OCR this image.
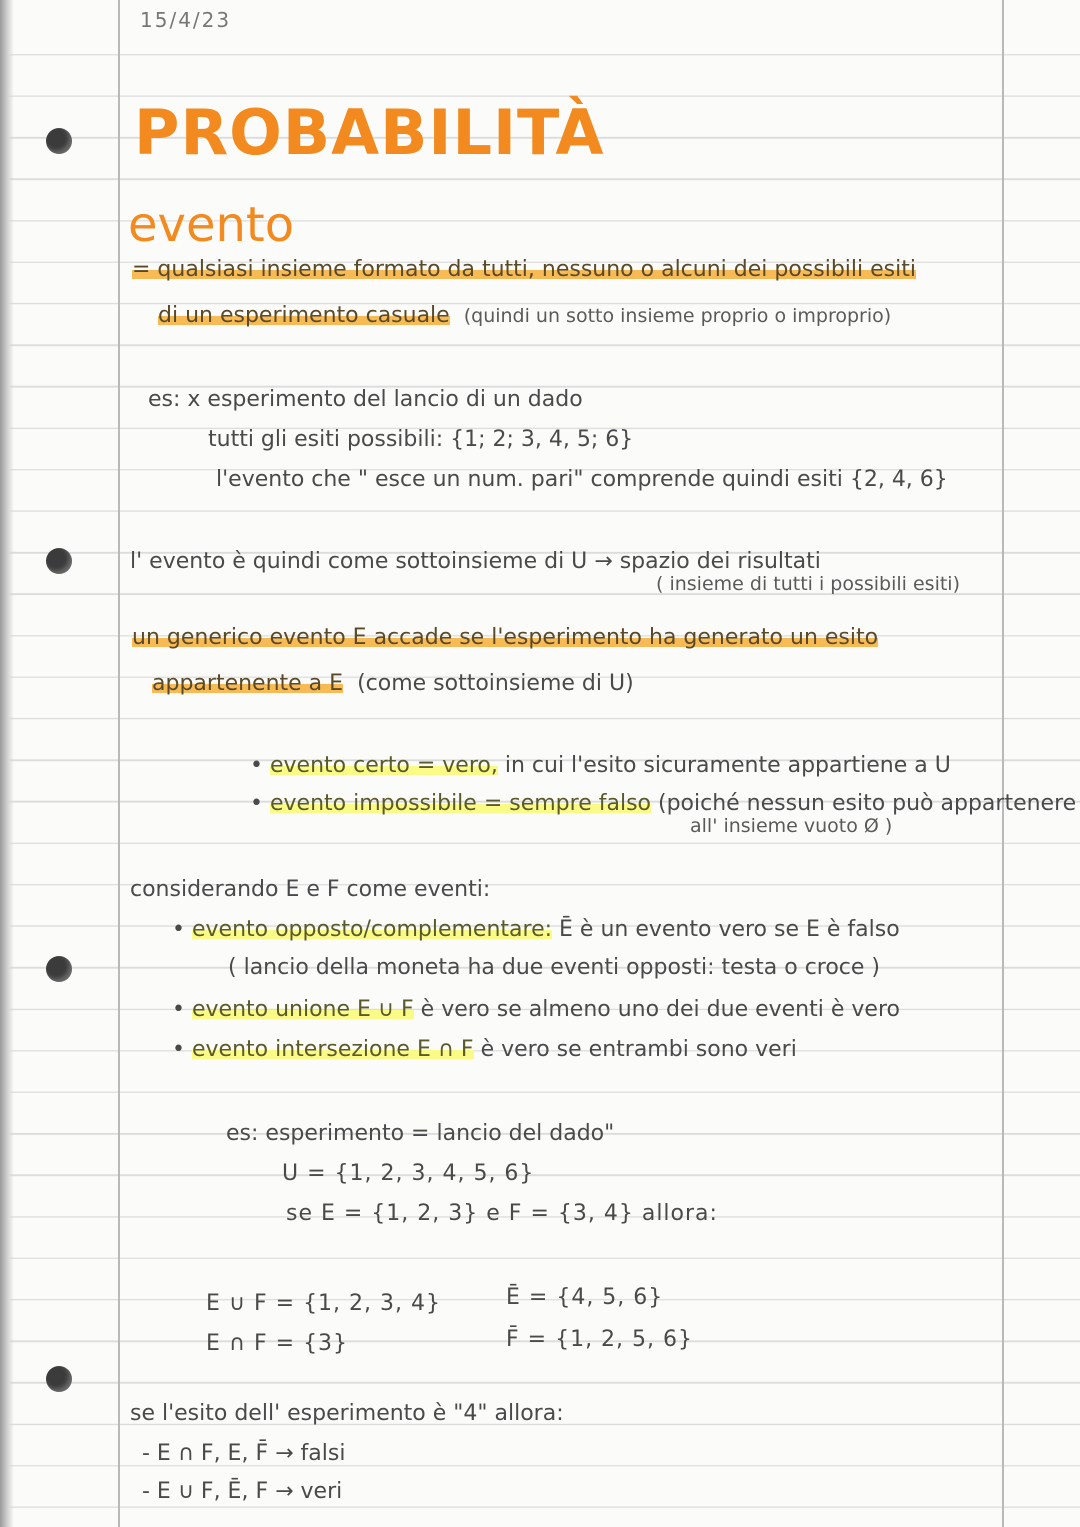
15/4/23
PROBABILITÀ
evento
= qualsiasi insieme formato da tutti, nessuno o alcuni dei possibili esiti
di un esperimento casuale (quindi un sotto insieme proprio o improprio)
es: x esperimento del lancio di un dado
tutti gli esiti possibili: {1; 2; 3, 4, 5; 6}
l'evento che " esce un num. pari" comprende quindi esiti {2, 4, 6}
l' evento è quindi come sottoinsieme di U → spazio dei risultati
( insieme di tutti i possibili esiti)
un generico evento E accade se l'esperimento ha generato un esito
appartenente a E (come sottoinsieme di U)
• evento certo = vero, in cui l'esito sicuramente appartiene a U
• evento impossibile = sempre falso (poiché nessun esito può appartenere
all' insieme vuoto Ø )
considerando E e F come eventi:
• evento opposto/complementare: Ē è un evento vero se E è falso
( lancio della moneta ha due eventi opposti: testa o croce )
• evento unione E ∪ F è vero se almeno uno dei due eventi è vero
• evento intersezione E ∩ F è vero se entrambi sono veri
es: esperimento = lancio del dado"
U = {1, 2, 3, 4, 5, 6}
se E = {1, 2, 3} e F = {3, 4} allora:
E ∪ F = {1, 2, 3, 4}
E ∩ F = {3}
Ē = {4, 5, 6}
F̄ = {1, 2, 5, 6}
se l'esito dell' esperimento è "4" allora:
- E ∩ F, E, F̄ → falsi
- E ∪ F, Ē, F → veri
